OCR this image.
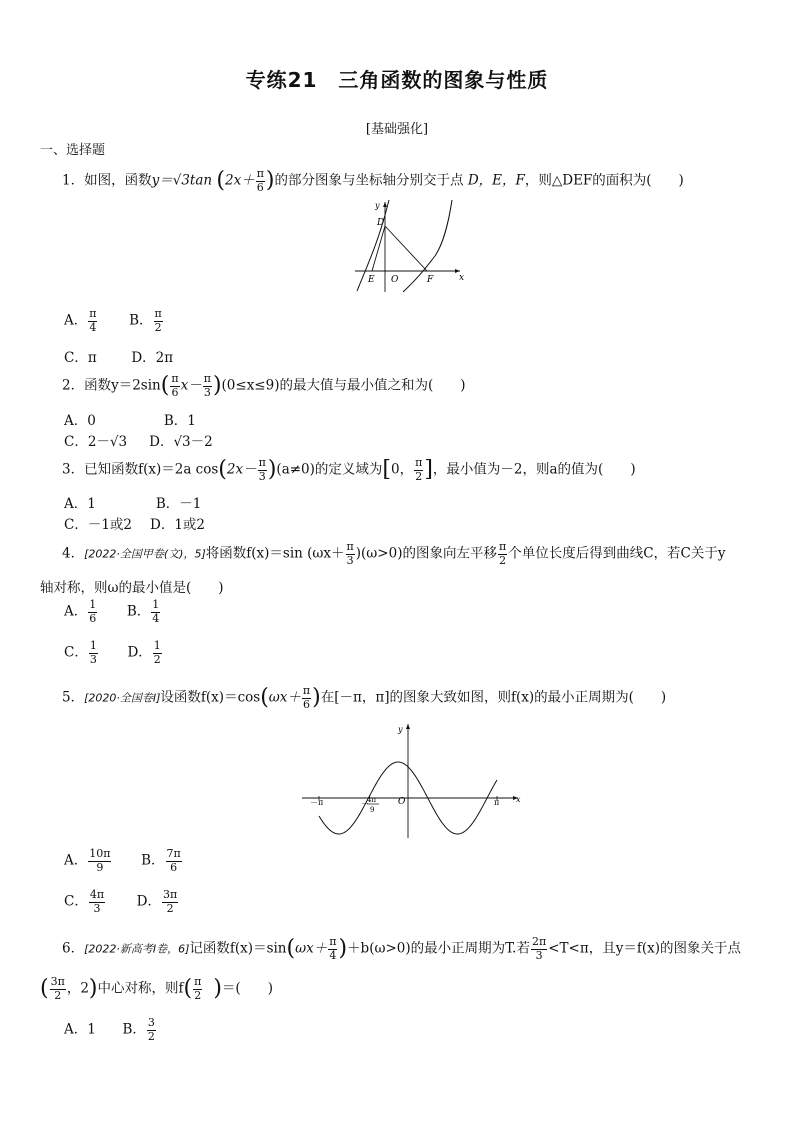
专练21　三角函数的图象与性质
[基础强化]
一、选择题
1．如图，函数y＝√3tan ($2x+ \frac{\pi}{6}$ )的部分图象与坐标轴分别交于点 D，E，F，则△DEF的面积为(　　)
y
D
E O	F	x
A． $\frac{\pi}{4}$ B． $\frac{\pi}{2}$
C．π	D．2π
2．函数$y=2\sin( \frac{\pi}{6} x- \frac{\pi}{3} )(0\le x\le 9)$的最大值与最小值之和为(　　)
A．0	B．1
C．2－√3 D．√3－2
3．已知函数f(x)＝2a $\cos(2x- \frac{\pi}{3} )(a\ne 0)$的定义域为[0， $\frac{\pi}{2}$ ]，最小值为－2，则a的值为(　　)
A．1	B．－1
C．－1或2 D．1或2
4．[2022·全国甲卷(文)，5]将函数f(x)＝sin $(\omega x+ \frac{\pi}{3} )(\omega>0)$的图象向左平移 $\frac{\pi}{2}$ 个单位长度后得到曲线C，若C关于y
轴对称，则ω的最小值是(　　)
A． $\frac{1}{6}$ B． $\frac{1}{4}$
C． $\frac{1}{3}$ D． $\frac{1}{2}$
5．[2020·全国卷Ⅰ]设函数$f(x)=\cos(\omega x+ \frac{\pi}{6}$ )在[－π，π]的图象大致如图，则f(x)的最小正周期为(　　)
y
x
－π	π
O
－
4π
9
A． $\frac{10\pi}{9}$ B． $\frac{7\pi}{6}$
C． $\frac{4\pi}{3}$ D． $\frac{3\pi}{2}$
6．[2022·新高考Ⅰ卷，6]记函数$f(x)=\sin(\omega x+ \frac{\pi}{4} )+b(\omega>0)$的最小正周期为T.若 $\frac{2\pi}{3} <T<\pi$，且y＝f(x)的图象关于点
( $\frac{3\pi}{2}$ ，2)中心对称，则$f( \frac{\pi}{2}$ )＝(　　)
A．1 B． $\frac{3}{2}$
